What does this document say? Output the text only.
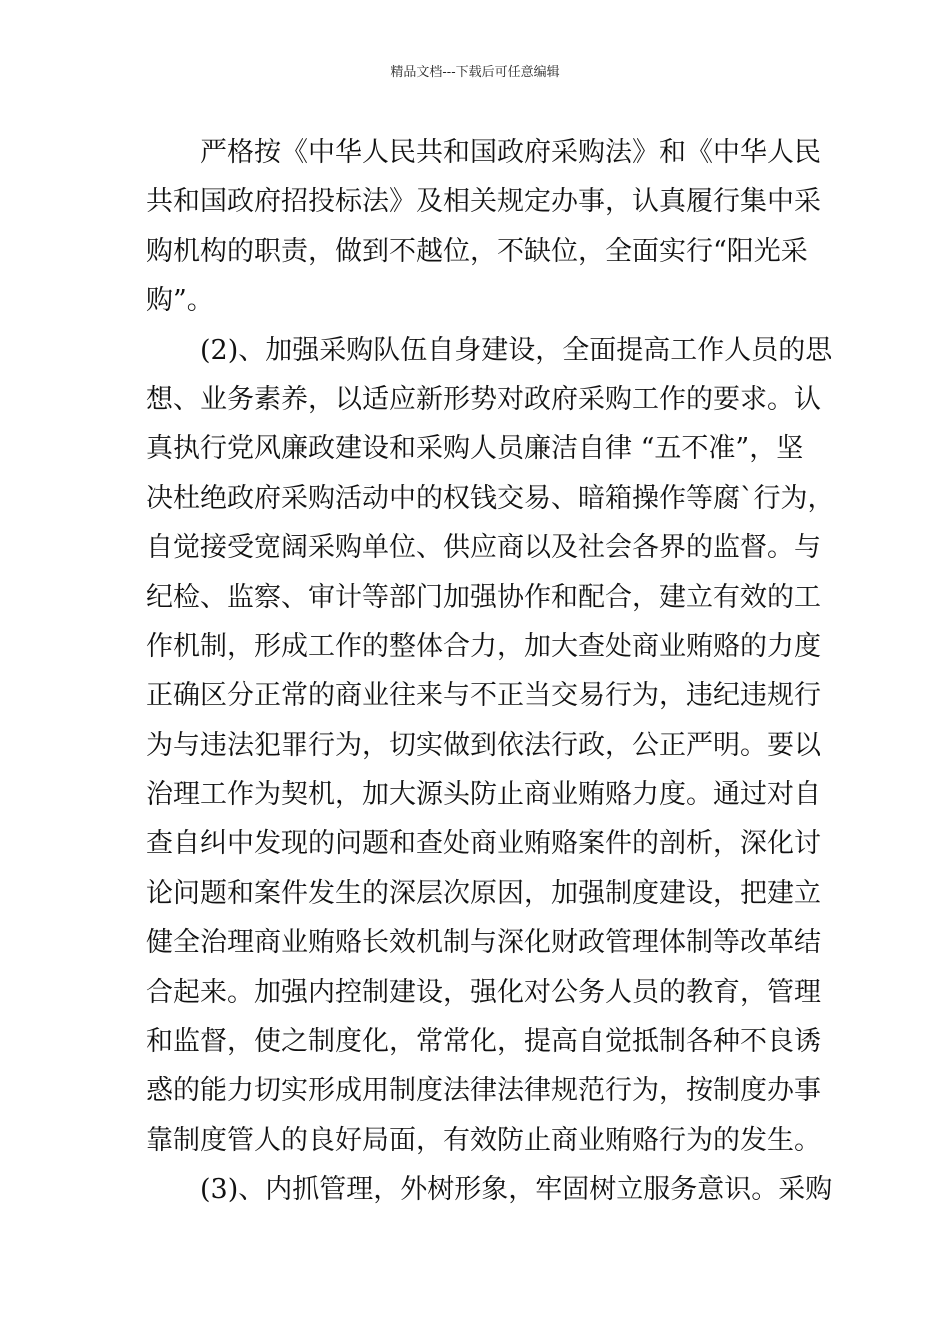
精品文档---下载后可任意编辑
严格按《中华人民共和国政府采购法》和《中华人民
共和国政府招投标法》及相关规定办事，认真履行集中采
购机构的职责，做到不越位，不缺位，全面实行“阳光采
购”。
(2)、加强采购队伍自身建设，全面提高工作人员的思
想、业务素养，以适应新形势对政府采购工作的要求。认
真执行党风廉政建设和采购人员廉洁自律 “五不准”，坚
决杜绝政府采购活动中的权钱交易、暗箱操作等腐`行为，
自觉接受宽阔采购单位、供应商以及社会各界的监督。与
纪检、监察、审计等部门加强协作和配合，建立有效的工
作机制，形成工作的整体合力，加大查处商业贿赂的力度
正确区分正常的商业往来与不正当交易行为，违纪违规行
为与违法犯罪行为，切实做到依法行政，公正严明。要以
治理工作为契机，加大源头防止商业贿赂力度。通过对自
查自纠中发现的问题和查处商业贿赂案件的剖析，深化讨
论问题和案件发生的深层次原因，加强制度建设，把建立
健全治理商业贿赂长效机制与深化财政管理体制等改革结
合起来。加强内控制建设，强化对公务人员的教育，管理
和监督，使之制度化，常常化，提高自觉抵制各种不良诱
惑的能力切实形成用制度法律法律规范行为，按制度办事
靠制度管人的良好局面，有效防止商业贿赂行为的发生。
(3)、内抓管理，外树形象，牢固树立服务意识。采购
